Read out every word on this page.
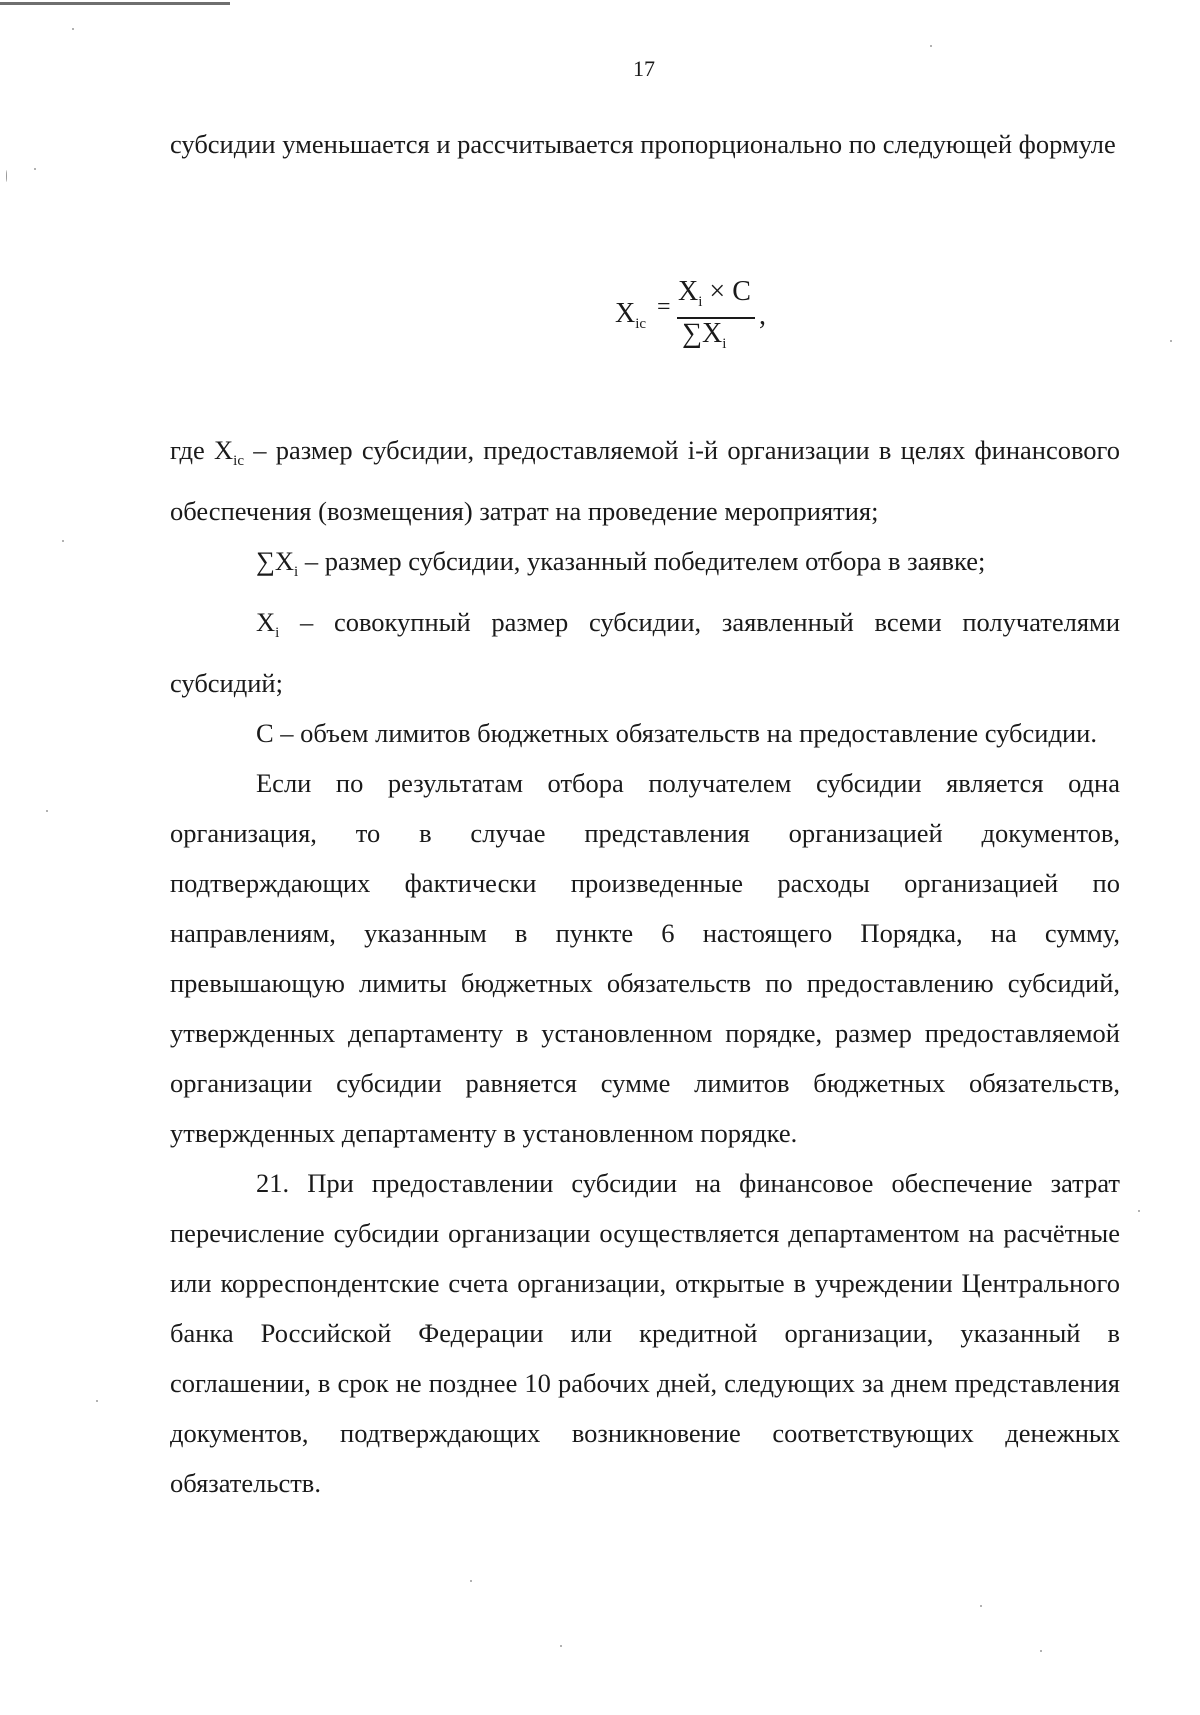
17

субсидии уменьшается и рассчитывается пропорционально по следующей формуле

$X_{ic}$
= $X_i \times C$
$\sum X_i$
,

где $X_{ic}$ – размер субсидии, предоставляемой i-й организации в целях финансового обеспечения (возмещения) затрат на проведение мероприятия;

$\sum X_i$ – размер субсидии, указанный победителем отбора в заявке;

$X_i$ – совокупный размер субсидии, заявленный всеми получателями субсидий;

С – объем лимитов бюджетных обязательств на предоставление субсидии.

Если по результатам отбора получателем субсидии является одна организация, то в случае представления организацией документов, подтверждающих фактически произведенные расходы организацией по направлениям, указанным в пункте 6 настоящего Порядка, на сумму, превышающую лимиты бюджетных обязательств по предоставлению субсидий, утвержденных департаменту в установленном порядке, размер предоставляемой организации субсидии равняется сумме лимитов бюджетных обязательств, утвержденных департаменту в установленном порядке.

21. При предоставлении субсидии на финансовое обеспечение затрат перечисление субсидии организации осуществляется департаментом на расчётные или корреспондентские счета организации, открытые в учреждении Центрального банка Российской Федерации или кредитной организации, указанный в соглашении, в срок не позднее 10 рабочих дней, следующих за днем представления документов, подтверждающих возникновение соответствующих денежных обязательств.
